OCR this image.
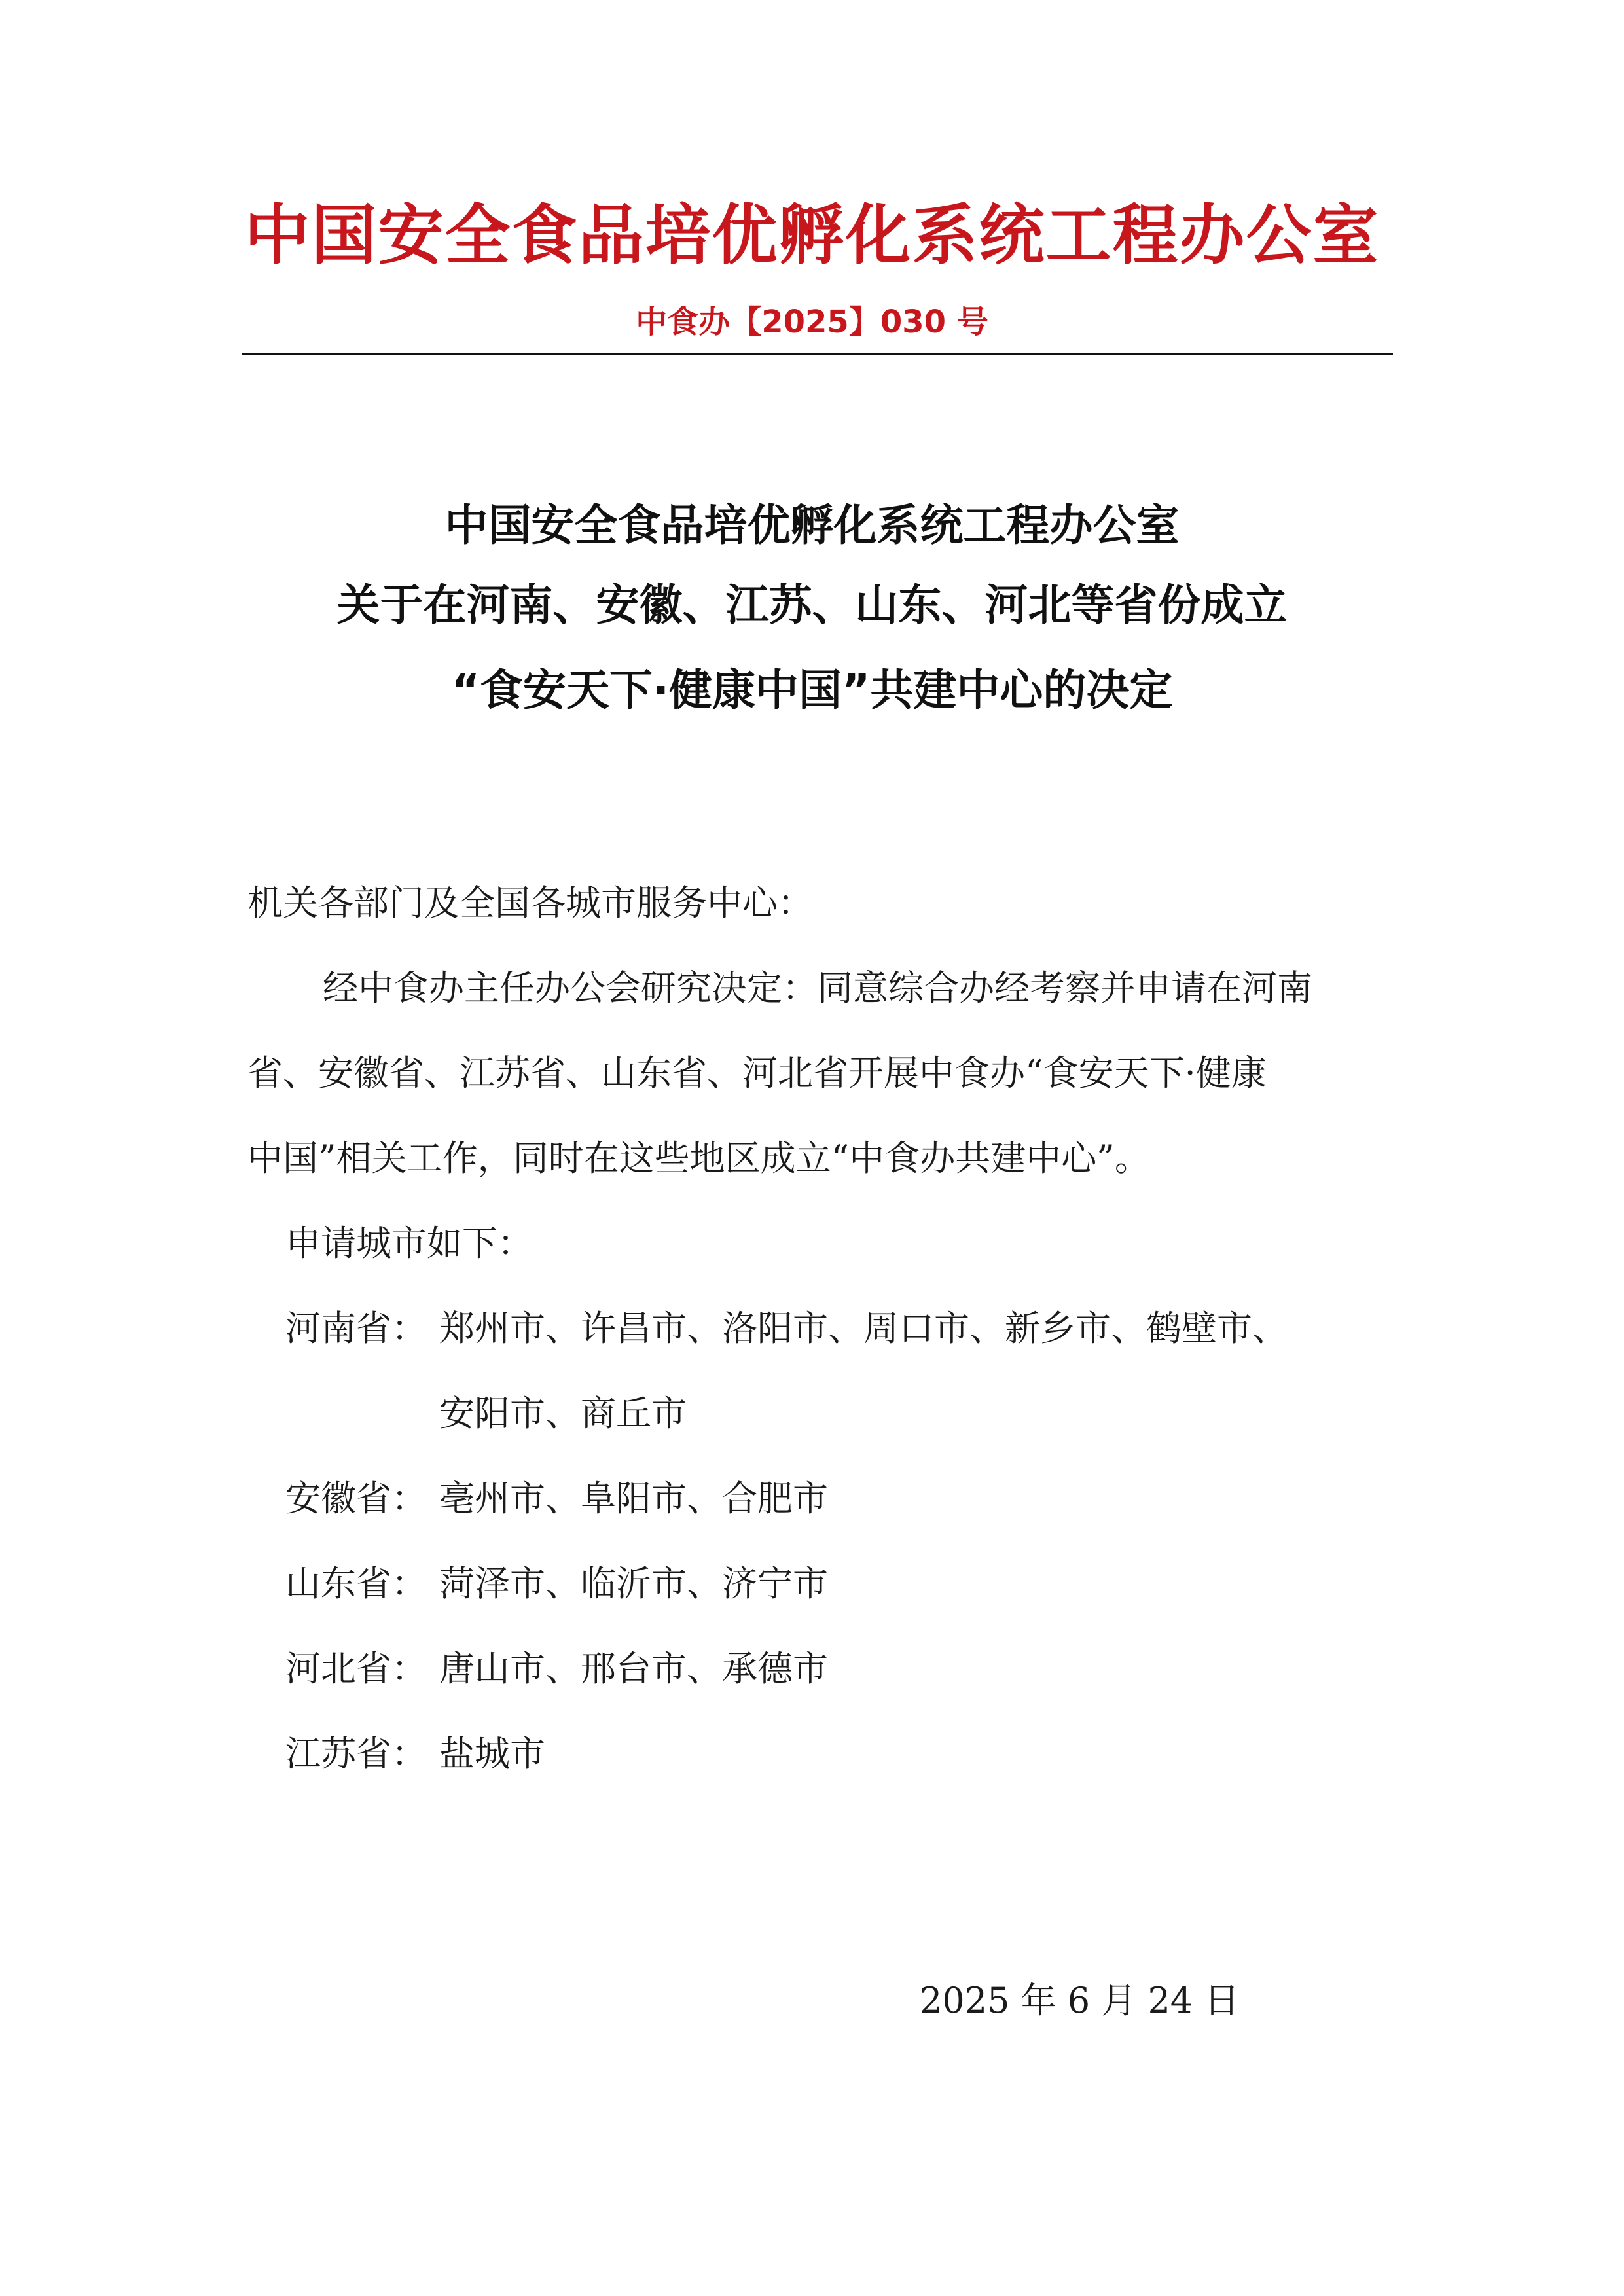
中国安全食品培优孵化系统工程办公室
中食办【2025】030 号
中国安全食品培优孵化系统工程办公室
关于在河南、安徽、江苏、山东、河北等省份成立
“食安天下·健康中国”共建中心的决定
机关各部门及全国各城市服务中心：
经中食办主任办公会研究决定：同意综合办经考察并申请在河南
省、安徽省、江苏省、山东省、河北省开展中食办“食安天下·健康
中国”相关工作，同时在这些地区成立“中食办共建中心”。
申请城市如下：
河南省： 郑州市、许昌市、洛阳市、周口市、新乡市、鹤壁市、
安阳市、商丘市
安徽省： 亳州市、阜阳市、合肥市
山东省： 菏泽市、临沂市、济宁市
河北省： 唐山市、邢台市、承德市
江苏省： 盐城市
2025 年 6 月 24 日
